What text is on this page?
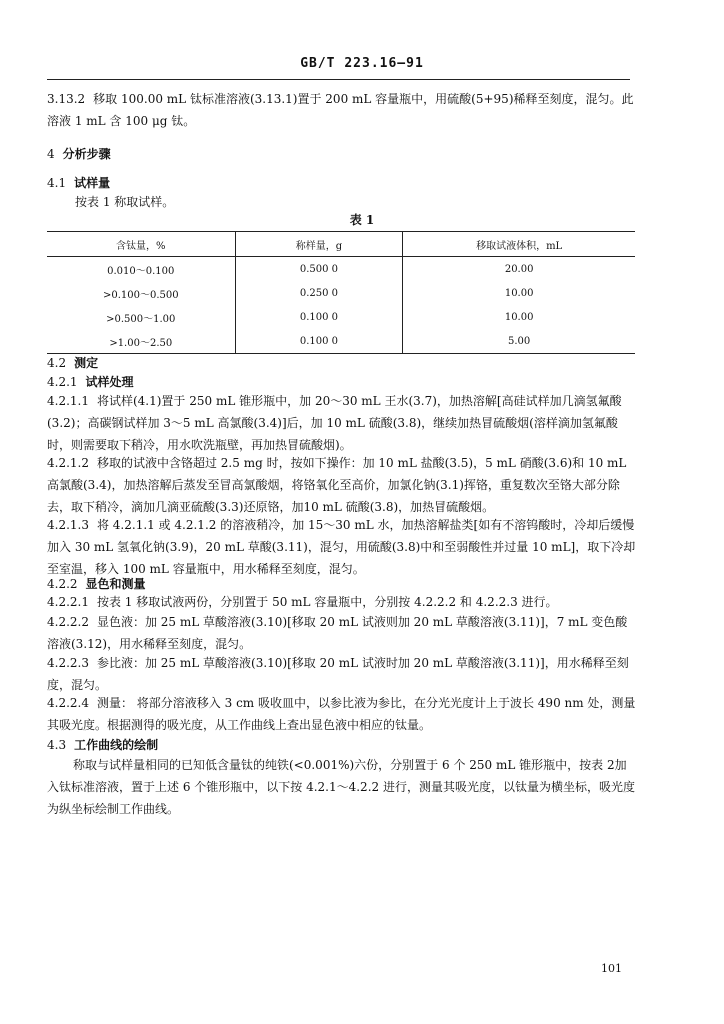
GB/T 223.16—91
3.13.2 移取 100.00 mL 钛标准溶液(3.13.1)置于 200 mL 容量瓶中，用硫酸(5+95)稀释至刻度，混匀。此溶液 1 mL 含 100 μg 钛。
4 分析步骤
4.1 试样量
按表 1 称取试样。
表 1
含钛量，%	称样量，g	移取试液体积，mL
0.010～0.100	0.500 0	20.00
>0.100～0.500	0.250 0	10.00
>0.500～1.00	0.100 0	10.00
>1.00～2.50	0.100 0	5.00
4.2 测定
4.2.1 试样处理
4.2.1.1 将试样(4.1)置于 250 mL 锥形瓶中，加 20～30 mL 王水(3.7)，加热溶解[高硅试样加几滴氢氟酸(3.2)；高碳钢试样加 3～5 mL 高氯酸(3.4)]后，加 10 mL 硫酸(3.8)，继续加热冒硫酸烟(溶样滴加氢氟酸时，则需要取下稍冷，用水吹洗瓶壁，再加热冒硫酸烟)。
4.2.1.2 移取的试液中含铬超过 2.5 mg 时，按如下操作：加 10 mL 盐酸(3.5)，5 mL 硝酸(3.6)和 10 mL 高氯酸(3.4)，加热溶解后蒸发至冒高氯酸烟，将铬氧化至高价，加氯化钠(3.1)挥铬，重复数次至铬大部分除去，取下稍冷，滴加几滴亚硫酸(3.3)还原铬，加10 mL 硫酸(3.8)，加热冒硫酸烟。
4.2.1.3 将 4.2.1.1 或 4.2.1.2 的溶液稍冷，加 15～30 mL 水，加热溶解盐类[如有不溶钨酸时，冷却后缓慢加入 30 mL 氢氧化钠(3.9)，20 mL 草酸(3.11)，混匀，用硫酸(3.8)中和至弱酸性并过量 10 mL]，取下冷却至室温，移入 100 mL 容量瓶中，用水稀释至刻度，混匀。
4.2.2 显色和测量
4.2.2.1 按表 1 移取试液两份，分别置于 50 mL 容量瓶中，分别按 4.2.2.2 和 4.2.2.3 进行。
4.2.2.2 显色液：加 25 mL 草酸溶液(3.10)[移取 20 mL 试液则加 20 mL 草酸溶液(3.11)]，7 mL 变色酸溶液(3.12)，用水稀释至刻度，混匀。
4.2.2.3 参比液：加 25 mL 草酸溶液(3.10)[移取 20 mL 试液时加 20 mL 草酸溶液(3.11)]，用水稀释至刻度，混匀。
4.2.2.4 测量： 将部分溶液移入 3 cm 吸收皿中，以参比液为参比，在分光光度计上于波长 490 nm 处，测量其吸光度。根据测得的吸光度，从工作曲线上查出显色液中相应的钛量。
4.3 工作曲线的绘制
称取与试样量相同的已知低含量钛的纯铁(<0.001%)六份，分别置于 6 个 250 mL 锥形瓶中，按表 2加入钛标准溶液，置于上述 6 个锥形瓶中，以下按 4.2.1～4.2.2 进行，测量其吸光度，以钛量为横坐标，吸光度为纵坐标绘制工作曲线。
101
